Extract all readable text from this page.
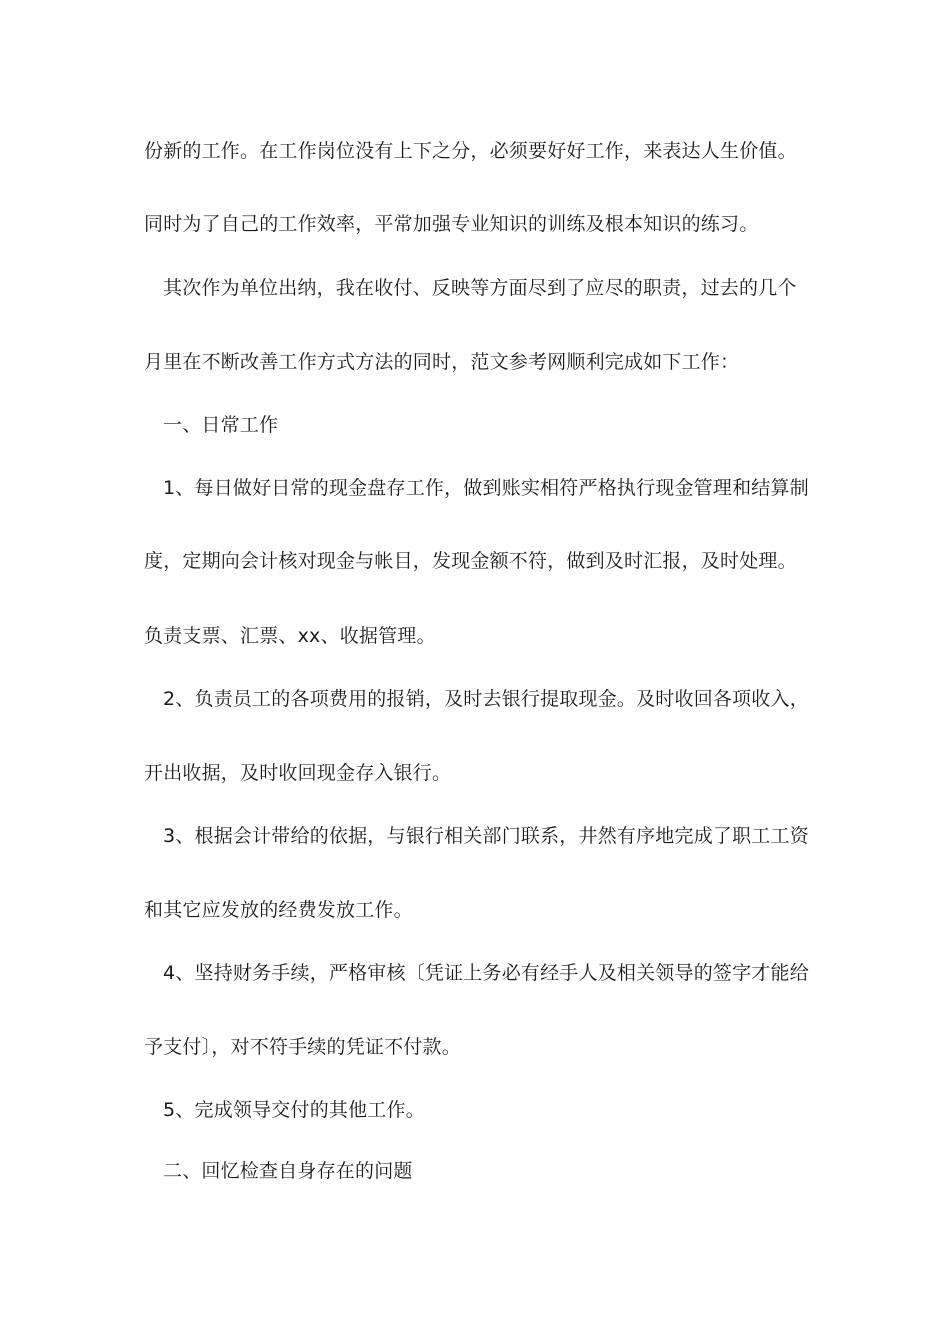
份新的工作。在工作岗位没有上下之分，必须要好好工作，来表达人生价值。
同时为了自己的工作效率，平常加强专业知识的训练及根本知识的练习。
其次作为单位出纳，我在收付、反映等方面尽到了应尽的职责，过去的几个
月里在不断改善工作方式方法的同时，范文参考网顺利完成如下工作：
一、日常工作
1、每日做好日常的现金盘存工作，做到账实相符严格执行现金管理和结算制
度，定期向会计核对现金与帐目，发现金额不符，做到及时汇报，及时处理。
负责支票、汇票、xx、收据管理。
2、负责员工的各项费用的报销，及时去银行提取现金。及时收回各项收入，
开出收据，及时收回现金存入银行。
3、根据会计带给的依据，与银行相关部门联系，井然有序地完成了职工工资
和其它应发放的经费发放工作。
4、坚持财务手续，严格审核〔凭证上务必有经手人及相关领导的签字才能给
予支付〕，对不符手续的凭证不付款。
5、完成领导交付的其他工作。
二、回忆检查自身存在的问题
